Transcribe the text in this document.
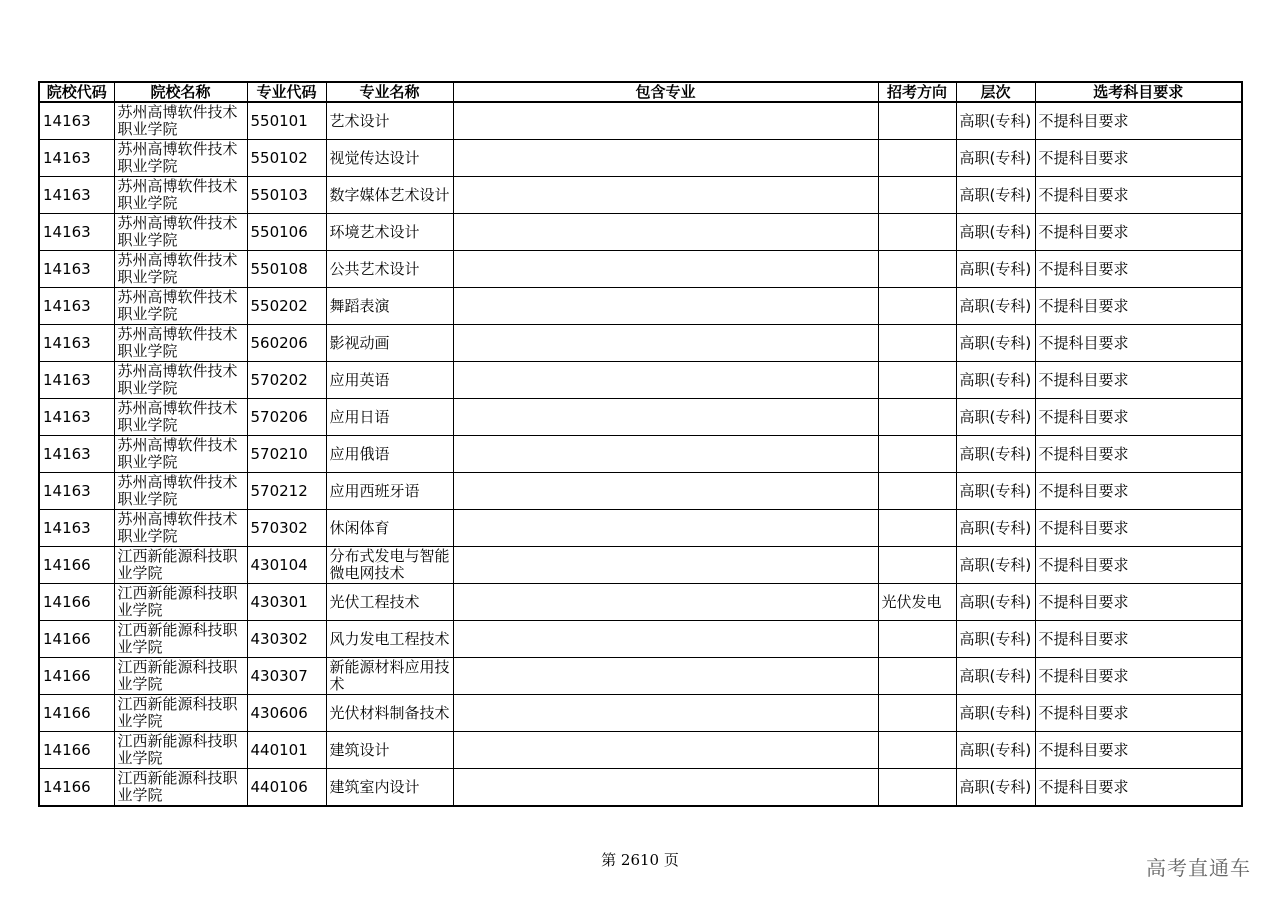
院校代码	院校名称	专业代码	专业名称	包含专业	招考方向	层次	选考科目要求
14163	苏州高博软件技术职业学院	550101	艺术设计			高职(专科)	不提科目要求
14163	苏州高博软件技术职业学院	550102	视觉传达设计			高职(专科)	不提科目要求
14163	苏州高博软件技术职业学院	550103	数字媒体艺术设计			高职(专科)	不提科目要求
14163	苏州高博软件技术职业学院	550106	环境艺术设计			高职(专科)	不提科目要求
14163	苏州高博软件技术职业学院	550108	公共艺术设计			高职(专科)	不提科目要求
14163	苏州高博软件技术职业学院	550202	舞蹈表演			高职(专科)	不提科目要求
14163	苏州高博软件技术职业学院	560206	影视动画			高职(专科)	不提科目要求
14163	苏州高博软件技术职业学院	570202	应用英语			高职(专科)	不提科目要求
14163	苏州高博软件技术职业学院	570206	应用日语			高职(专科)	不提科目要求
14163	苏州高博软件技术职业学院	570210	应用俄语			高职(专科)	不提科目要求
14163	苏州高博软件技术职业学院	570212	应用西班牙语			高职(专科)	不提科目要求
14163	苏州高博软件技术职业学院	570302	休闲体育			高职(专科)	不提科目要求
14166	江西新能源科技职业学院	430104	分布式发电与智能微电网技术			高职(专科)	不提科目要求
14166	江西新能源科技职业学院	430301	光伏工程技术		光伏发电	高职(专科)	不提科目要求
14166	江西新能源科技职业学院	430302	风力发电工程技术			高职(专科)	不提科目要求
14166	江西新能源科技职业学院	430307	新能源材料应用技术			高职(专科)	不提科目要求
14166	江西新能源科技职业学院	430606	光伏材料制备技术			高职(专科)	不提科目要求
14166	江西新能源科技职业学院	440101	建筑设计			高职(专科)	不提科目要求
14166	江西新能源科技职业学院	440106	建筑室内设计			高职(专科)	不提科目要求
第 2610 页	高考直通车
